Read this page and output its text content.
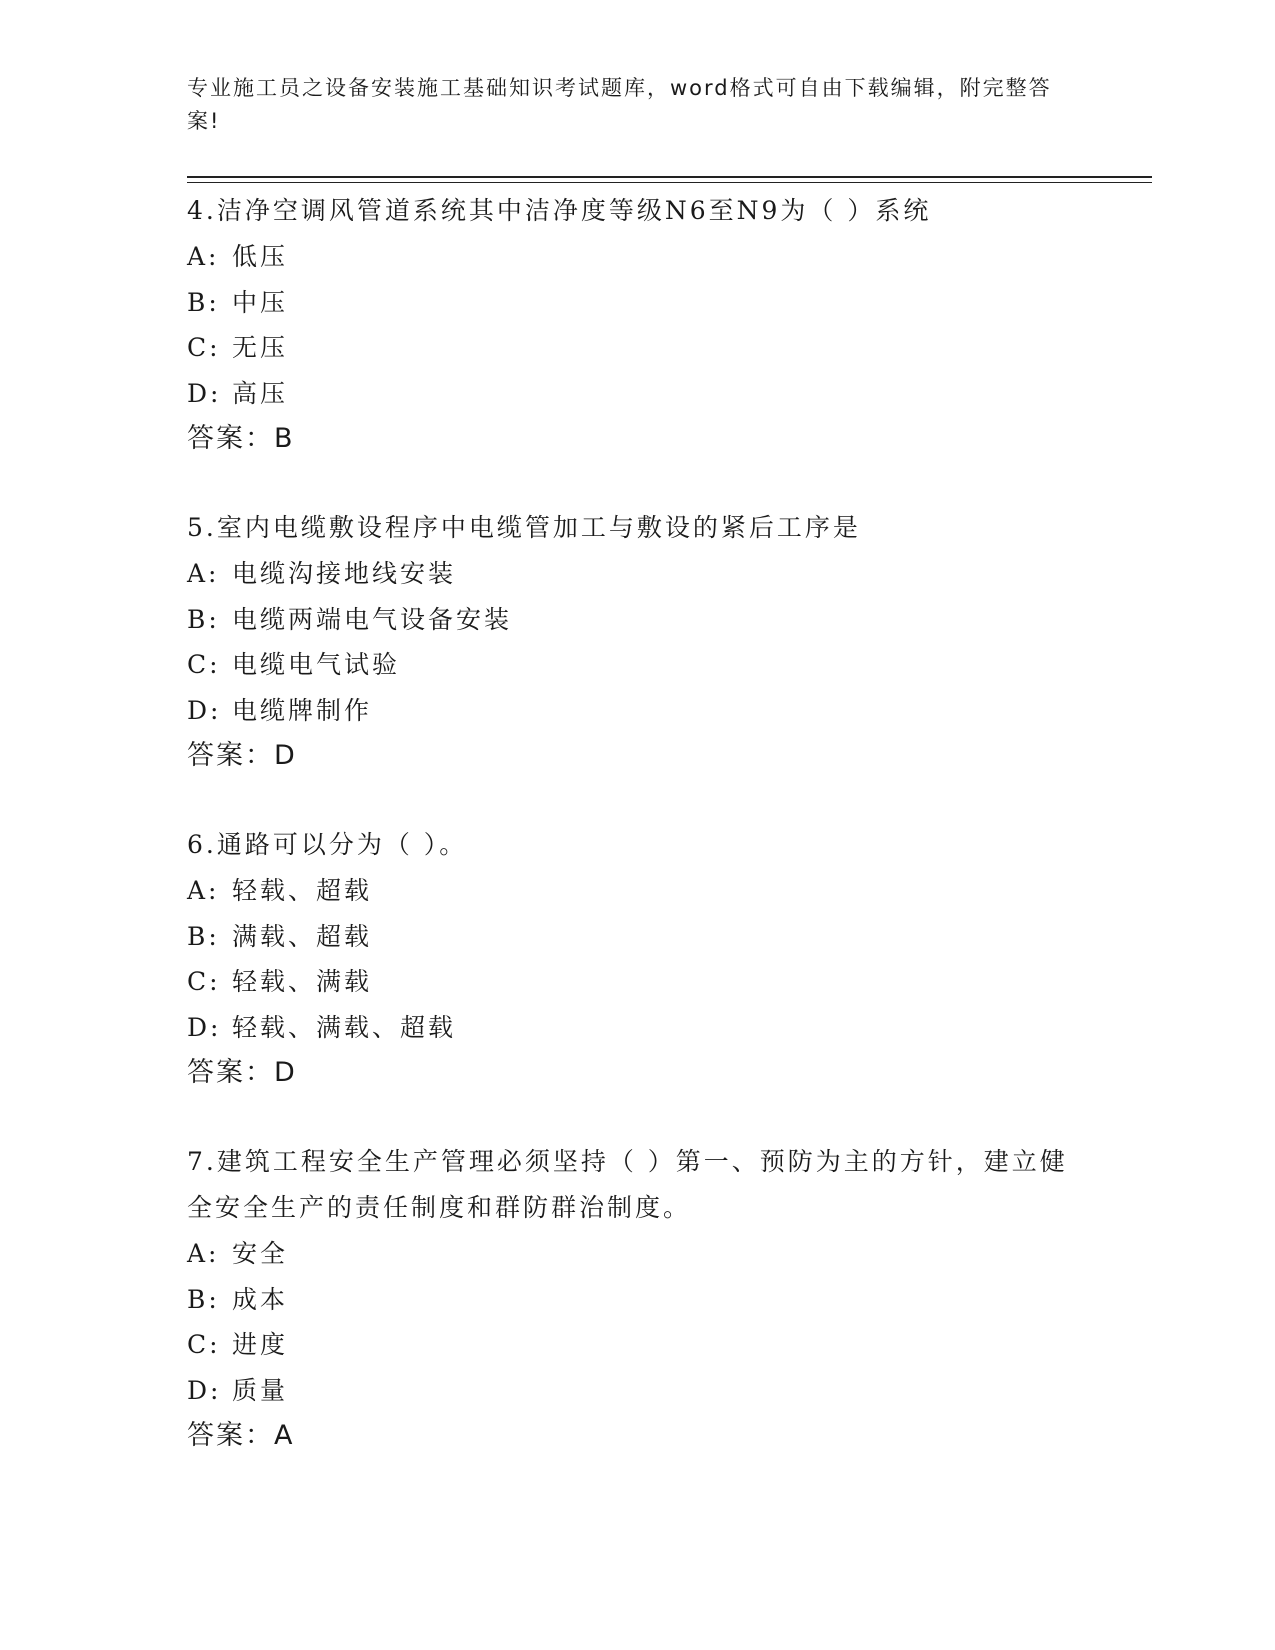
专业施工员之设备安装施工基础知识考试题库，word格式可自由下载编辑，附完整答案!

4.洁净空调风管道系统其中洁净度等级N6至N9为（ ）系统

A: 低压

B: 中压

C: 无压

D: 高压

答案：B

5.室内电缆敷设程序中电缆管加工与敷设的紧后工序是

A: 电缆沟接地线安装

B: 电缆两端电气设备安装

C: 电缆电气试验

D: 电缆牌制作

答案：D

6.通路可以分为（ ）。

A: 轻载、超载

B: 满载、超载

C: 轻载、满载

D: 轻载、满载、超载

答案：D

7.建筑工程安全生产管理必须坚持（ ）第一、预防为主的方针，建立健全安全生产的责任制度和群防群治制度。

A: 安全

B: 成本

C: 进度

D: 质量

答案：A
